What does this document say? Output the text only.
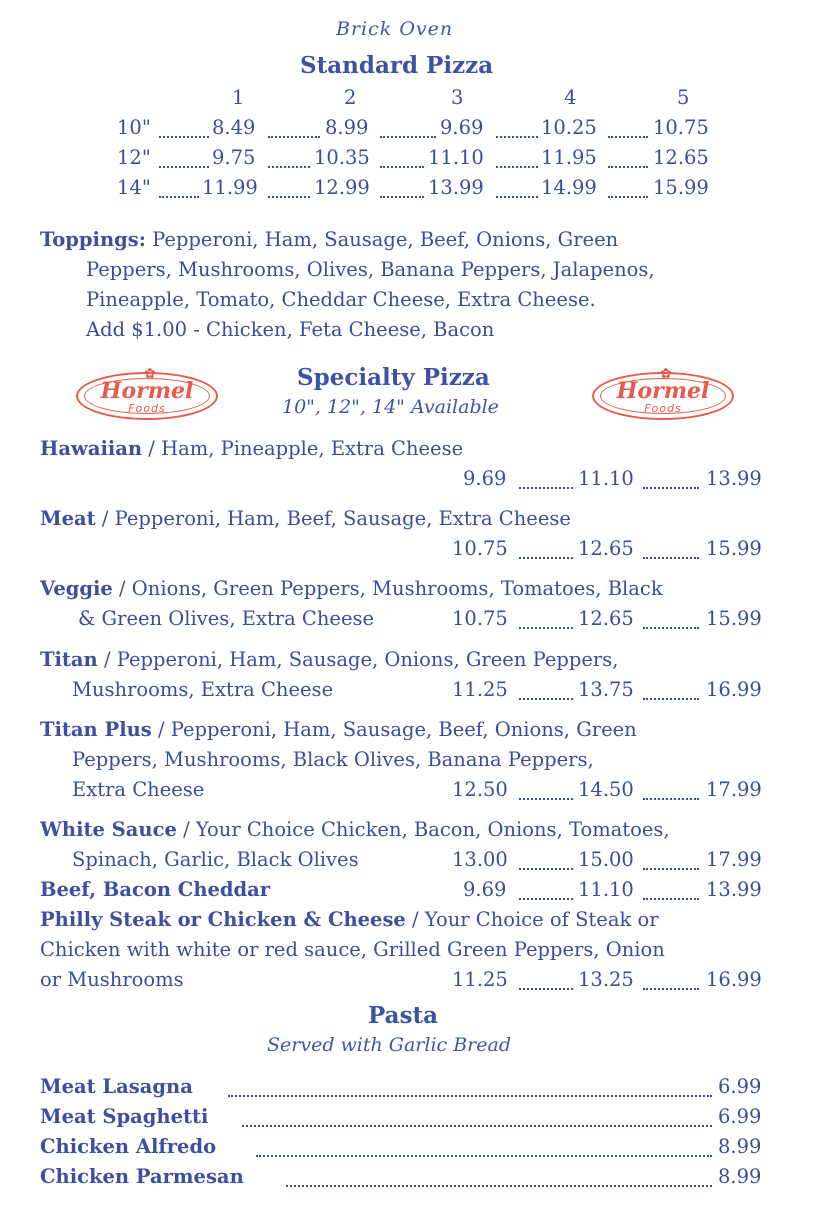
Brick Oven
Standard Pizza
1	2	3	4	5
10"	8.49	8.99	9.69	10.25	10.75
12"	9.75	10.35	11.10	11.95	12.65
14"	11.99	12.99	13.99	14.99	15.99
Toppings: Pepperoni, Ham, Sausage, Beef, Onions, Green
Peppers, Mushrooms, Olives, Banana Peppers, Jalapenos,
Pineapple, Tomato, Cheddar Cheese, Extra Cheese.
Add $1.00 - Chicken, Feta Cheese, Bacon
✿
Hormel
Foods
✿
Hormel
Foods
Specialty Pizza
10", 12", 14" Available
Hawaiian / Ham, Pineapple, Extra Cheese
9.69	11.10	13.99
Meat / Pepperoni, Ham, Beef, Sausage, Extra Cheese
10.75	12.65	15.99
Veggie / Onions, Green Peppers, Mushrooms, Tomatoes, Black
& Green Olives, Extra Cheese	10.75	12.65	15.99
Titan / Pepperoni, Ham, Sausage, Onions, Green Peppers,
Mushrooms, Extra Cheese	11.25	13.75	16.99
Titan Plus / Pepperoni, Ham, Sausage, Beef, Onions, Green
Peppers, Mushrooms, Black Olives, Banana Peppers,
Extra Cheese	12.50	14.50	17.99
White Sauce / Your Choice Chicken, Bacon, Onions, Tomatoes,
Spinach, Garlic, Black Olives	13.00	15.00	17.99
Beef, Bacon Cheddar	9.69	11.10	13.99
Philly Steak or Chicken & Cheese / Your Choice of Steak or
Chicken with white or red sauce, Grilled Green Peppers, Onion
or Mushrooms	11.25	13.25	16.99
Pasta
Served with Garlic Bread
Meat Lasagna	6.99
Meat Spaghetti	6.99
Chicken Alfredo	8.99
Chicken Parmesan	8.99
